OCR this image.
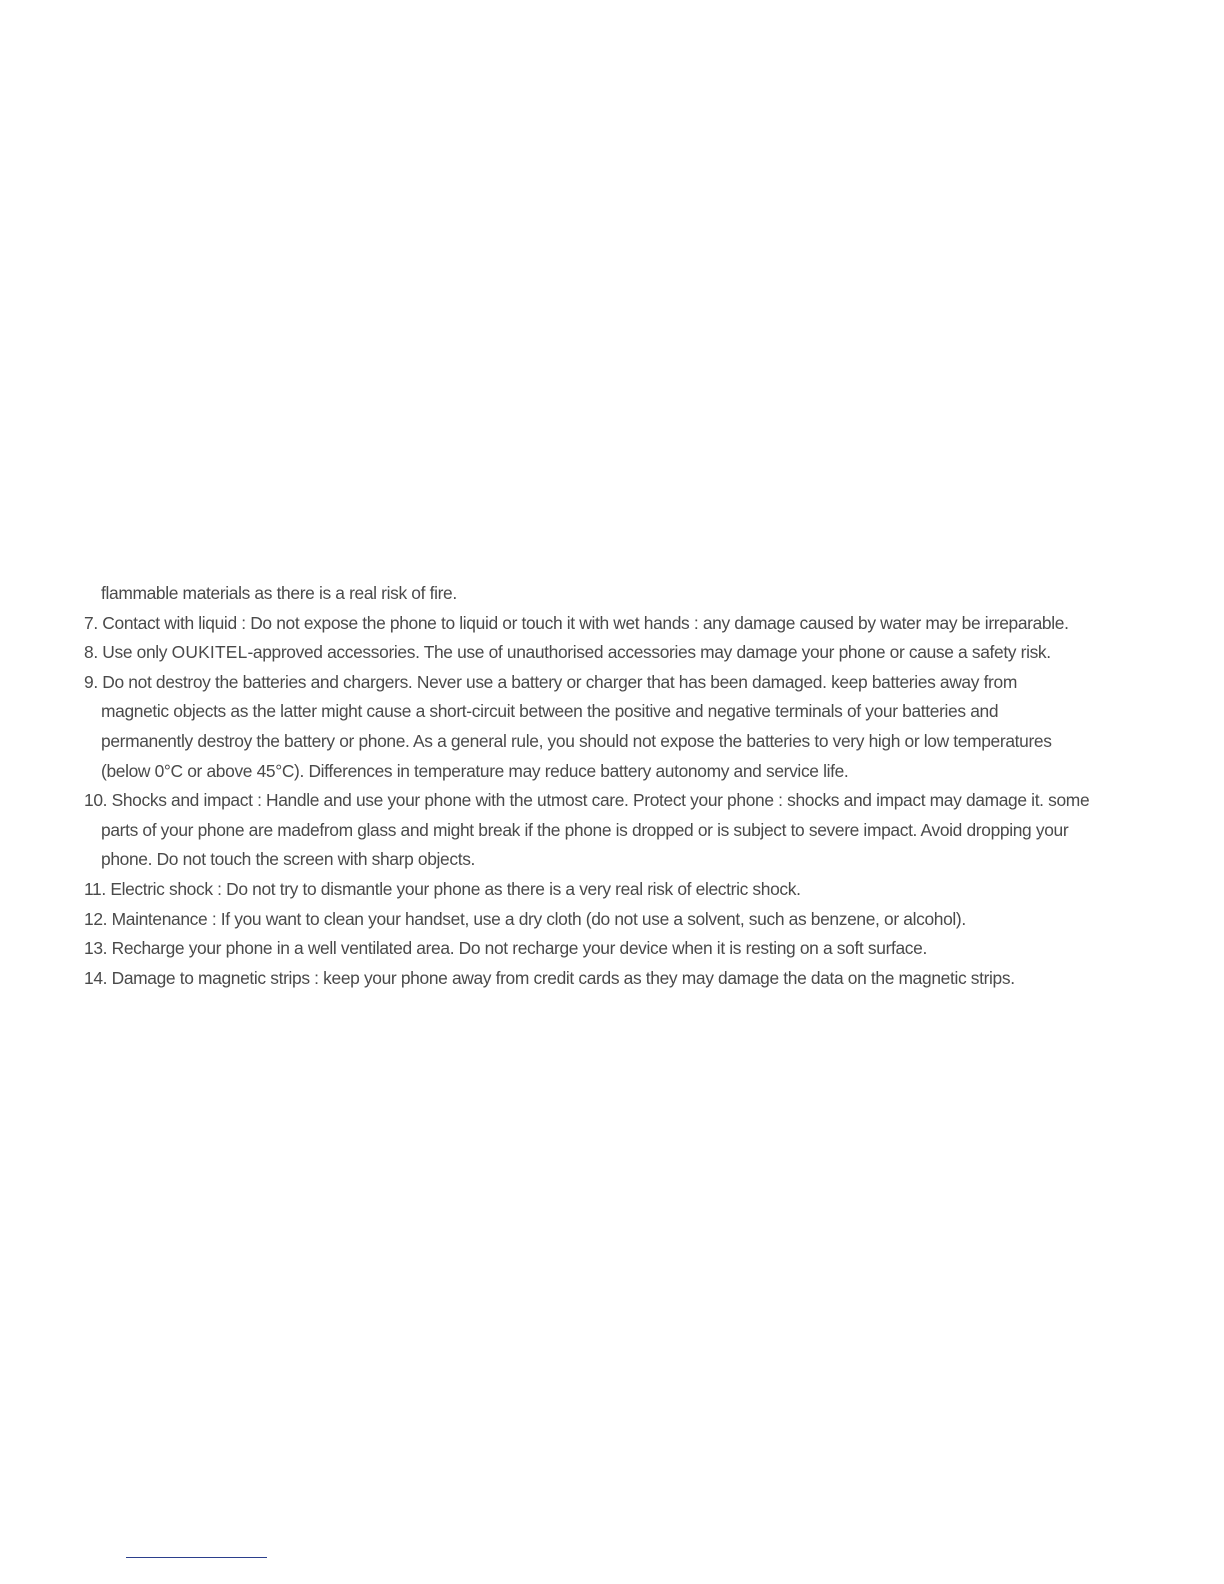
flammable materials as there is a real risk of fire.
7. Contact with liquid : Do not expose the phone to liquid or touch it with wet hands : any damage caused by water may be irreparable.
8. Use only OUKITEL-approved accessories. The use of unauthorised accessories may damage your phone or cause a safety risk.
9. Do not destroy the batteries and chargers. Never use a battery or charger that has been damaged. keep batteries away from
magnetic objects as the latter might cause a short-circuit between the positive and negative terminals of your batteries and
permanently destroy the battery or phone. As a general rule, you should not expose the batteries to very high or low temperatures
(below 0°C or above 45°C). Differences in temperature may reduce battery autonomy and service life.
10. Shocks and impact : Handle and use your phone with the utmost care. Protect your phone : shocks and impact may damage it. some
parts of your phone are madefrom glass and might break if the phone is dropped or is subject to severe impact. Avoid dropping your
phone. Do not touch the screen with sharp objects.
11. Electric shock : Do not try to dismantle your phone as there is a very real risk of electric shock.
12. Maintenance : If you want to clean your handset, use a dry cloth (do not use a solvent, such as benzene, or alcohol).
13. Recharge your phone in a well ventilated area. Do not recharge your device when it is resting on a soft surface.
14. Damage to magnetic strips : keep your phone away from credit cards as they may damage the data on the magnetic strips.
